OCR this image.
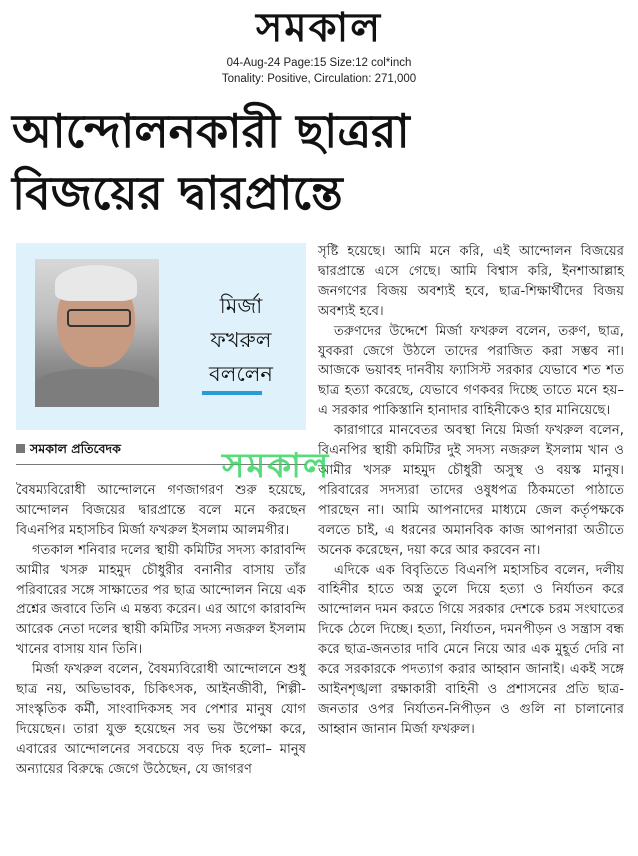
সমকাল
04-Aug-24 Page:15 Size:12 col*inch
Tonality: Positive, Circulation: 271,000
আন্দোলনকারী ছাত্ররা
বিজয়ের দ্বারপ্রান্তে
মির্জা
ফখরুল
বললেন
সমকাল প্রতিবেদক

বৈষম্যবিরোধী আন্দোলনে গণজাগরণ শুরু হয়েছে, আন্দোলন বিজয়ের দ্বারপ্রান্তে বলে মনে করছেন বিএনপির মহাসচিব মির্জা ফখরুল ইসলাম আলমগীর।

গতকাল শনিবার দলের স্থায়ী কমিটির সদস্য কারাবন্দি আমীর খসরু মাহমুদ চৌধুরীর বনানীর বাসায় তাঁর পরিবারের সঙ্গে সাক্ষাতের পর ছাত্র আন্দোলন নিয়ে এক প্রশ্নের জবাবে তিনি এ মন্তব্য করেন। এর আগে কারাবন্দি আরেক নেতা দলের স্থায়ী কমিটির সদস্য নজরুল ইসলাম খানের বাসায় যান তিনি।

মির্জা ফখরুল বলেন, বৈষম্যবিরোধী আন্দোলনে শুধু ছাত্র নয়, অভিভাবক, চিকিৎসক, আইনজীবী, শিল্পী-সাংস্কৃতিক কর্মী, সাংবাদিকসহ সব পেশার মানুষ যোগ দিয়েছেন। তারা যুক্ত হয়েছেন সব ভয় উপেক্ষা করে, এবারের আন্দোলনের সবচেয়ে বড় দিক হলো– মানুষ অন্যায়ের বিরুদ্ধে জেগে উঠেছেন, যে জাগরণ

সৃষ্টি হয়েছে। আমি মনে করি, এই আন্দোলন বিজয়ের দ্বারপ্রান্তে এসে গেছে। আমি বিশ্বাস করি, ইনশাআল্লাহ জনগণের বিজয় অবশ্যই হবে, ছাত্র-শিক্ষার্থীদের বিজয় অবশ্যই হবে।

তরুণদের উদ্দেশে মির্জা ফখরুল বলেন, তরুণ, ছাত্র, যুবকরা জেগে উঠলে তাদের পরাজিত করা সম্ভব না। আজকে ভয়াবহ দানবীয় ফ্যাসিস্ট সরকার যেভাবে শত শত ছাত্র হত্যা করেছে, যেভাবে গণকবর দিচ্ছে তাতে মনে হয়– এ সরকার পাকিস্তানি হানাদার বাহিনীকেও হার মানিয়েছে।

কারাগারে মানবেতর অবস্থা নিয়ে মির্জা ফখরুল বলেন, বিএনপির স্থায়ী কমিটির দুই সদস্য নজরুল ইসলাম খান ও আমীর খসরু মাহমুদ চৌধুরী অসুস্থ ও বয়স্ক মানুষ। পরিবারের সদস্যরা তাদের ওষুধপত্র ঠিকমতো পাঠাতে পারছেন না। আমি আপনাদের মাধ্যমে জেল কর্তৃপক্ষকে বলতে চাই, এ ধরনের অমানবিক কাজ আপনারা অতীতে অনেক করেছেন, দয়া করে আর করবেন না।

এদিকে এক বিবৃতিতে বিএনপি মহাসচিব বলেন, দলীয় বাহিনীর হাতে অস্ত্র তুলে দিয়ে হত্যা ও নির্যাতন করে আন্দোলন দমন করতে গিয়ে সরকার দেশকে চরম সংঘাতের দিকে ঠেলে দিচ্ছে। হত্যা, নির্যাতন, দমনপীড়ন ও সন্ত্রাস বন্ধ করে ছাত্র-জনতার দাবি মেনে নিয়ে আর এক মুহূর্ত দেরি না করে সরকারকে পদত্যাগ করার আহ্বান জানাই। একই সঙ্গে আইনশৃঙ্খলা রক্ষাকারী বাহিনী ও প্রশাসনের প্রতি ছাত্র-জনতার ওপর নির্যাতন-নিপীড়ন ও গুলি না চালানোর আহ্বান জানান মির্জা ফখরুল।

সমকাল
